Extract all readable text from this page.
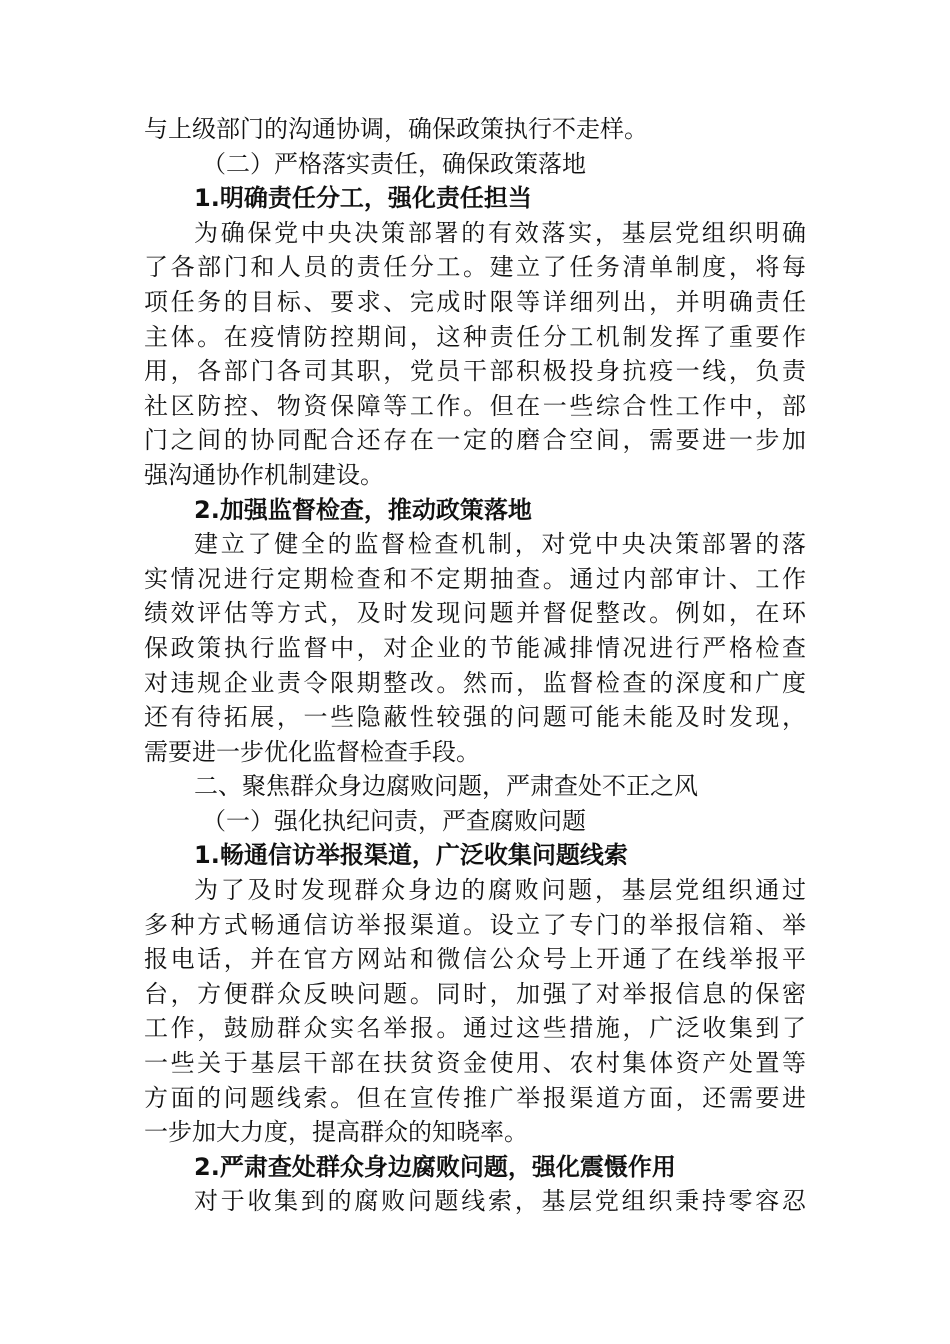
与上级部门的沟通协调，确保政策执行不走样。
（二）严格落实责任，确保政策落地
1.明确责任分工，强化责任担当
为确保党中央决策部署的有效落实，基层党组织明确
了各部门和人员的责任分工。建立了任务清单制度，将每
项任务的目标、要求、完成时限等详细列出，并明确责任
主体。在疫情防控期间，这种责任分工机制发挥了重要作
用，各部门各司其职，党员干部积极投身抗疫一线，负责
社区防控、物资保障等工作。但在一些综合性工作中，部
门之间的协同配合还存在一定的磨合空间，需要进一步加
强沟通协作机制建设。
2.加强监督检查，推动政策落地
建立了健全的监督检查机制，对党中央决策部署的落
实情况进行定期检查和不定期抽查。通过内部审计、工作
绩效评估等方式，及时发现问题并督促整改。例如，在环
保政策执行监督中，对企业的节能减排情况进行严格检查
对违规企业责令限期整改。然而，监督检查的深度和广度
还有待拓展，一些隐蔽性较强的问题可能未能及时发现，
需要进一步优化监督检查手段。
二、聚焦群众身边腐败问题，严肃查处不正之风
（一）强化执纪问责，严查腐败问题
1.畅通信访举报渠道，广泛收集问题线索
为了及时发现群众身边的腐败问题，基层党组织通过
多种方式畅通信访举报渠道。设立了专门的举报信箱、举
报电话，并在官方网站和微信公众号上开通了在线举报平
台，方便群众反映问题。同时，加强了对举报信息的保密
工作，鼓励群众实名举报。通过这些措施，广泛收集到了
一些关于基层干部在扶贫资金使用、农村集体资产处置等
方面的问题线索。但在宣传推广举报渠道方面，还需要进
一步加大力度，提高群众的知晓率。
2.严肃查处群众身边腐败问题，强化震慑作用
对于收集到的腐败问题线索，基层党组织秉持零容忍
